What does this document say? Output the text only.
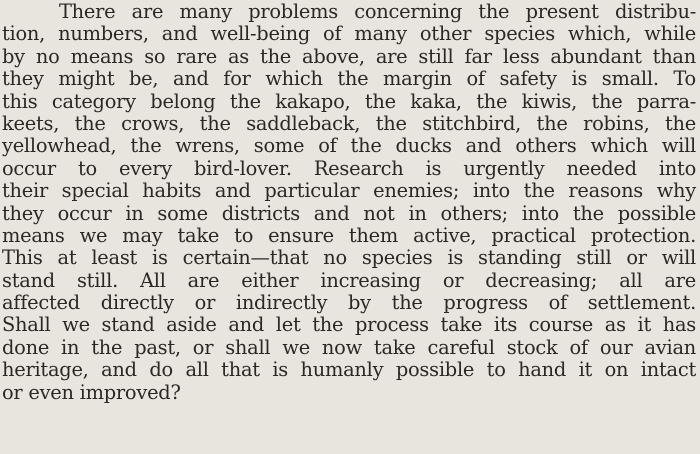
There are many problems concerning the present distribu-
tion, numbers, and well-being of many other species which, while
by no means so rare as the above, are still far less abundant than
they might be, and for which the margin of safety is small. To
this category belong the kakapo, the kaka, the kiwis, the parra-
keets, the crows, the saddleback, the stitchbird, the robins, the
yellowhead, the wrens, some of the ducks and others which will
occur to every bird-lover. Research is urgently needed into
their special habits and particular enemies; into the reasons why
they occur in some districts and not in others; into the possible
means we may take to ensure them active, practical protection.
This at least is certain—that no species is standing still or will
stand still. All are either increasing or decreasing; all are
affected directly or indirectly by the progress of settlement.
Shall we stand aside and let the process take its course as it has
done in the past, or shall we now take careful stock of our avian
heritage, and do all that is humanly possible to hand it on intact
or even improved?
